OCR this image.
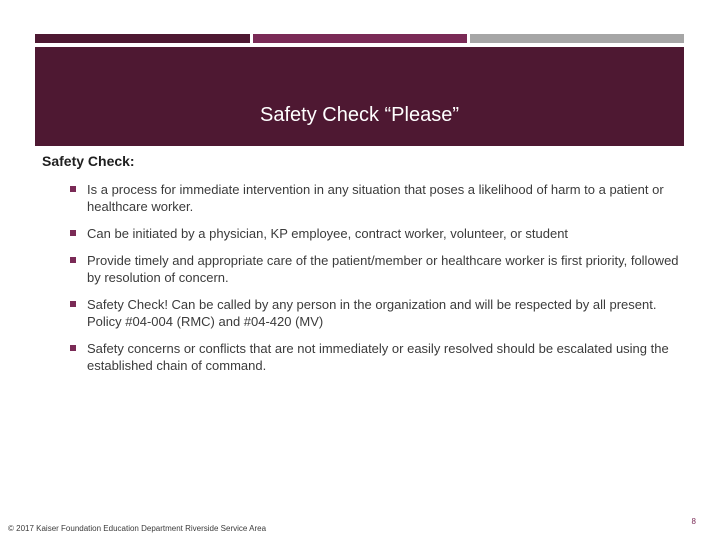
Safety Check “Please”
Safety Check:
Is a process for immediate intervention in any situation that poses a likelihood of harm to a patient or healthcare worker.
Can be initiated by a physician, KP employee, contract worker, volunteer, or student
Provide timely and appropriate care of the patient/member or healthcare worker is first priority, followed by resolution of concern.
Safety Check! Can be called by any person in the organization and will be respected by all present. Policy #04-004 (RMC) and #04-420 (MV)
Safety concerns or conflicts that are not immediately or easily resolved should be escalated using the established chain of command.
© 2017 Kaiser Foundation Education Department Riverside Service Area
8
